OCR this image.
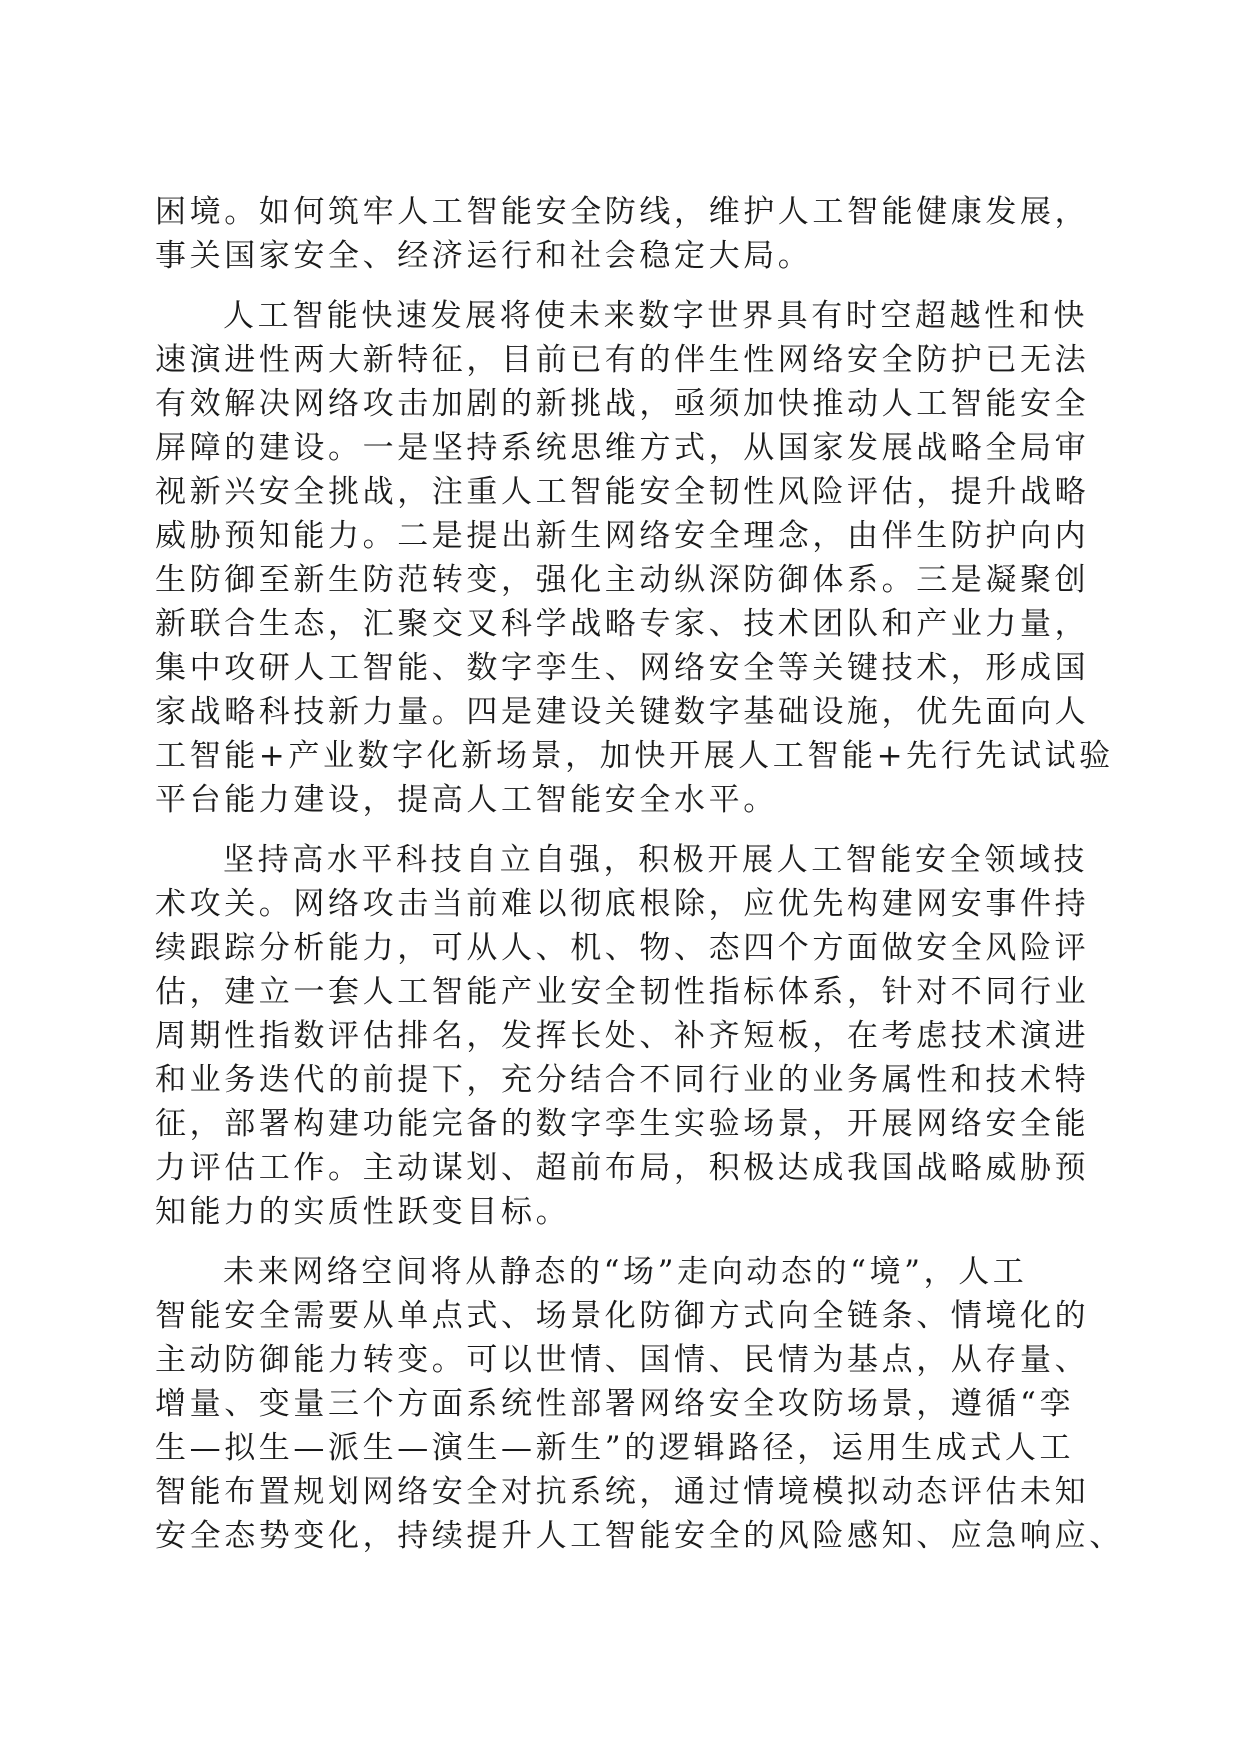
困境。如何筑牢人工智能安全防线，维护人工智能健康发展，
事关国家安全、经济运行和社会稳定大局。
人工智能快速发展将使未来数字世界具有时空超越性和快
速演进性两大新特征，目前已有的伴生性网络安全防护已无法
有效解决网络攻击加剧的新挑战，亟须加快推动人工智能安全
屏障的建设。一是坚持系统思维方式，从国家发展战略全局审
视新兴安全挑战，注重人工智能安全韧性风险评估，提升战略
威胁预知能力。二是提出新生网络安全理念，由伴生防护向内
生防御至新生防范转变，强化主动纵深防御体系。三是凝聚创
新联合生态，汇聚交叉科学战略专家、技术团队和产业力量，
集中攻研人工智能、数字孪生、网络安全等关键技术，形成国
家战略科技新力量。四是建设关键数字基础设施，优先面向人
工智能+产业数字化新场景，加快开展人工智能+先行先试试验
平台能力建设，提高人工智能安全水平。
坚持高水平科技自立自强，积极开展人工智能安全领域技
术攻关。网络攻击当前难以彻底根除，应优先构建网安事件持
续跟踪分析能力，可从人、机、物、态四个方面做安全风险评
估，建立一套人工智能产业安全韧性指标体系，针对不同行业
周期性指数评估排名，发挥长处、补齐短板，在考虑技术演进
和业务迭代的前提下，充分结合不同行业的业务属性和技术特
征，部署构建功能完备的数字孪生实验场景，开展网络安全能
力评估工作。主动谋划、超前布局，积极达成我国战略威胁预
知能力的实质性跃变目标。
未来网络空间将从静态的“场”走向动态的“境”，人工
智能安全需要从单点式、场景化防御方式向全链条、情境化的
主动防御能力转变。可以世情、国情、民情为基点，从存量、
增量、变量三个方面系统性部署网络安全攻防场景，遵循“孪
生—拟生—派生—演生—新生”的逻辑路径，运用生成式人工
智能布置规划网络安全对抗系统，通过情境模拟动态评估未知
安全态势变化，持续提升人工智能安全的风险感知、应急响应、
